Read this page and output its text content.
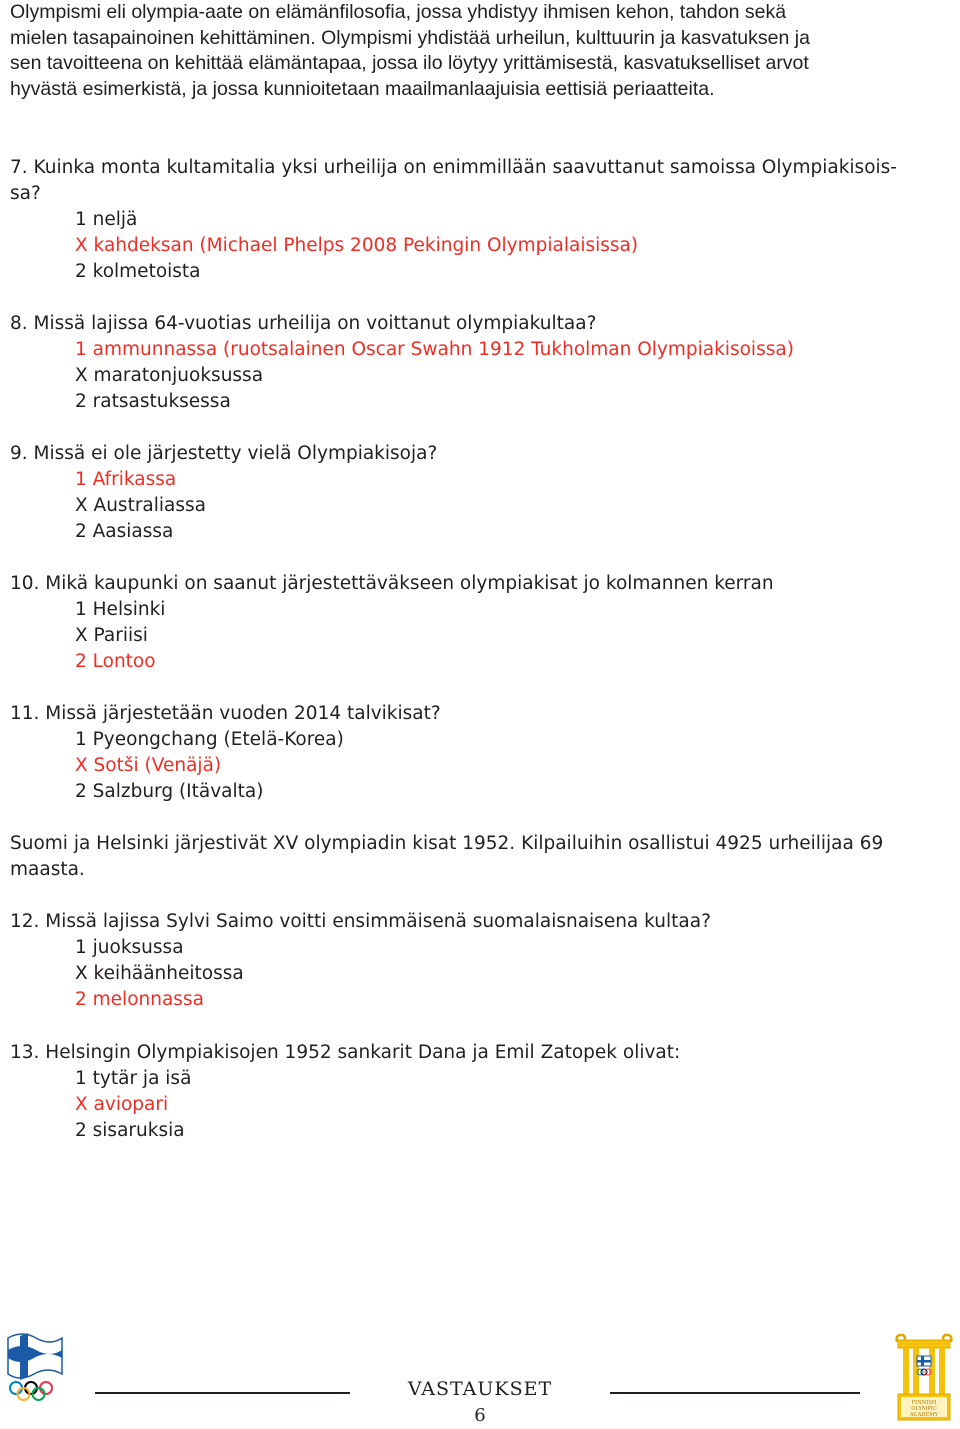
Olympismi eli olympia-aate on elämänfilosofia, jossa yhdistyy ihmisen kehon, tahdon sekä
mielen tasapainoinen kehittäminen. Olympismi yhdistää urheilun, kulttuurin ja kasvatuksen ja
sen tavoitteena on kehittää elämäntapaa, jossa ilo löytyy yrittämisestä, kasvatukselliset arvot
hyvästä esimerkistä, ja jossa kunnioitetaan maailmanlaajuisia eettisiä periaatteita.
7. Kuinka monta kultamitalia yksi urheilija on enimmillään saavuttanut samoissa Olympiakisois-
sa?
1 neljä
X kahdeksan (Michael Phelps 2008 Pekingin Olympialaisissa)
2 kolmetoista
8. Missä lajissa 64-vuotias urheilija on voittanut olympiakultaa?
1 ammunnassa (ruotsalainen Oscar Swahn 1912 Tukholman Olympiakisoissa)
X maratonjuoksussa
2 ratsastuksessa
9. Missä ei ole järjestetty vielä Olympiakisoja?
1 Afrikassa
X Australiassa
2 Aasiassa
10. Mikä kaupunki on saanut järjestettäväkseen olympiakisat jo kolmannen kerran
1 Helsinki
X Pariisi
2 Lontoo
11. Missä järjestetään vuoden 2014 talvikisat?
1 Pyeongchang (Etelä-Korea)
X Sotši (Venäjä)
2 Salzburg (Itävalta)
Suomi ja Helsinki järjestivät XV olympiadin kisat 1952. Kilpailuihin osallistui 4925 urheilijaa 69
maasta.
12. Missä lajissa Sylvi Saimo voitti ensimmäisenä suomalaisnaisena kultaa?
1 juoksussa
X keihäänheitossa
2 melonnassa
13. Helsingin Olympiakisojen 1952 sankarit Dana ja Emil Zatopek olivat:
1 tytär ja isä
X aviopari
2 sisaruksia
VASTAUKSET
6
FINNISH
OLYMPIC
ACADEMY
